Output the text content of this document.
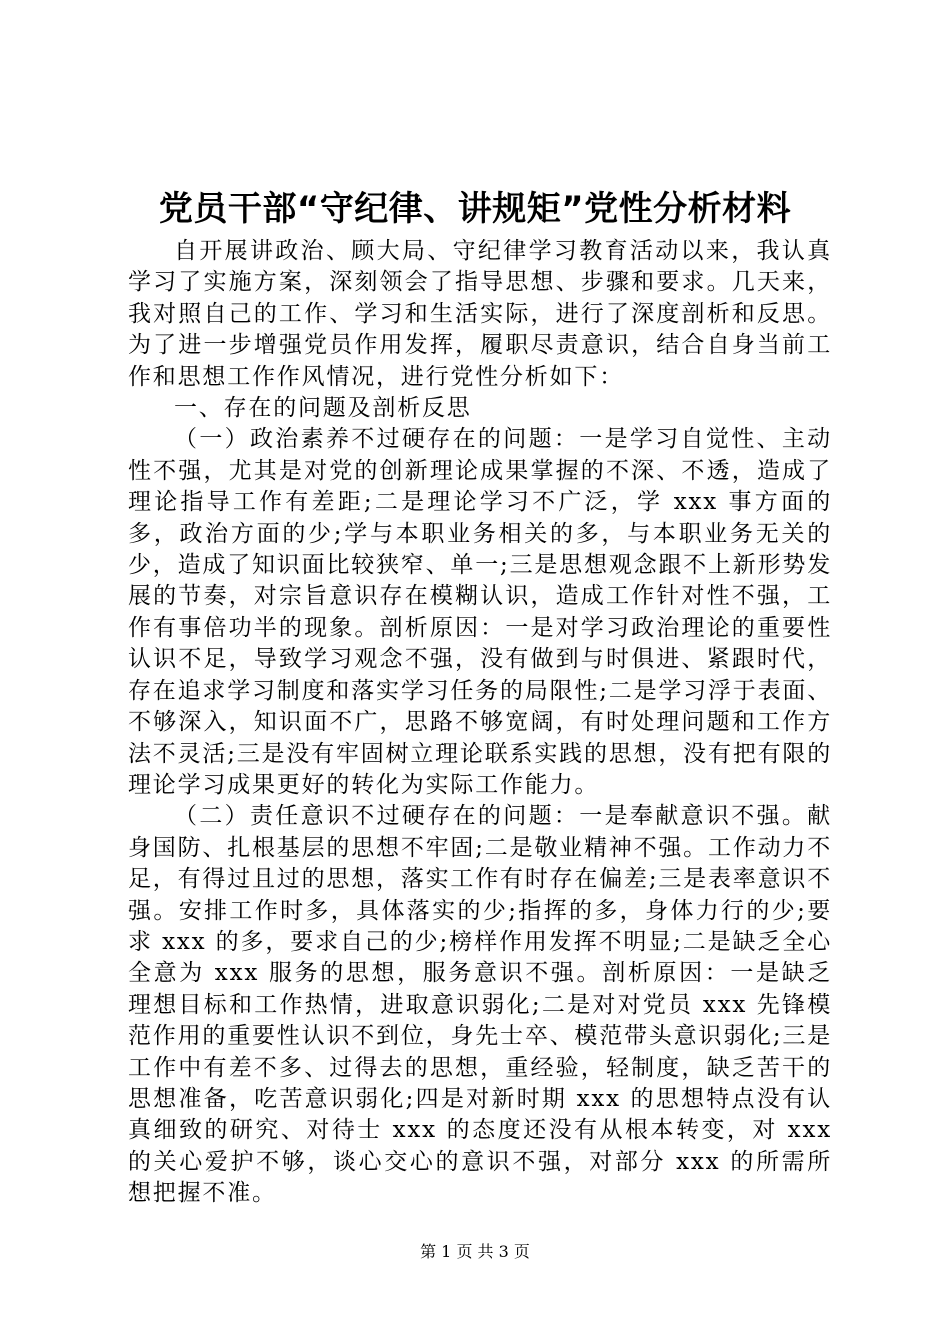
党员干部“守纪律、讲规矩”党性分析材料

自开展讲政治、顾大局、守纪律学习教育活动以来，我认真学习了实施方案，深刻领会了指导思想、步骤和要求。几天来，我对照自己的工作、学习和生活实际，进行了深度剖析和反思。为了进一步增强党员作用发挥，履职尽责意识，结合自身当前工作和思想工作作风情况，进行党性分析如下：

一、存在的问题及剖析反思

（一）政治素养不过硬存在的问题：一是学习自觉性、主动性不强，尤其是对党的创新理论成果掌握的不深、不透，造成了理论指导工作有差距;二是理论学习不广泛，学 xxx 事方面的多，政治方面的少;学与本职业务相关的多，与本职业务无关的少，造成了知识面比较狭窄、单一;三是思想观念跟不上新形势发展的节奏，对宗旨意识存在模糊认识，造成工作针对性不强，工作有事倍功半的现象。剖析原因：一是对学习政治理论的重要性认识不足，导致学习观念不强，没有做到与时俱进、紧跟时代，存在追求学习制度和落实学习任务的局限性;二是学习浮于表面、不够深入，知识面不广，思路不够宽阔，有时处理问题和工作方法不灵活;三是没有牢固树立理论联系实践的思想，没有把有限的理论学习成果更好的转化为实际工作能力。

（二）责任意识不过硬存在的问题：一是奉献意识不强。献身国防、扎根基层的思想不牢固;二是敬业精神不强。工作动力不足，有得过且过的思想，落实工作有时存在偏差;三是表率意识不强。安排工作时多，具体落实的少;指挥的多，身体力行的少;要求 xxx 的多，要求自己的少;榜样作用发挥不明显;二是缺乏全心全意为 xxx 服务的思想，服务意识不强。剖析原因：一是缺乏理想目标和工作热情，进取意识弱化;二是对对党员 xxx 先锋模范作用的重要性认识不到位，身先士卒、模范带头意识弱化;三是工作中有差不多、过得去的思想，重经验，轻制度，缺乏苦干的思想准备，吃苦意识弱化;四是对新时期 xxx 的思想特点没有认真细致的研究、对待士 xxx 的态度还没有从根本转变，对 xxx 的关心爱护不够，谈心交心的意识不强，对部分 xxx 的所需所想把握不准。

第 1 页 共 3 页
